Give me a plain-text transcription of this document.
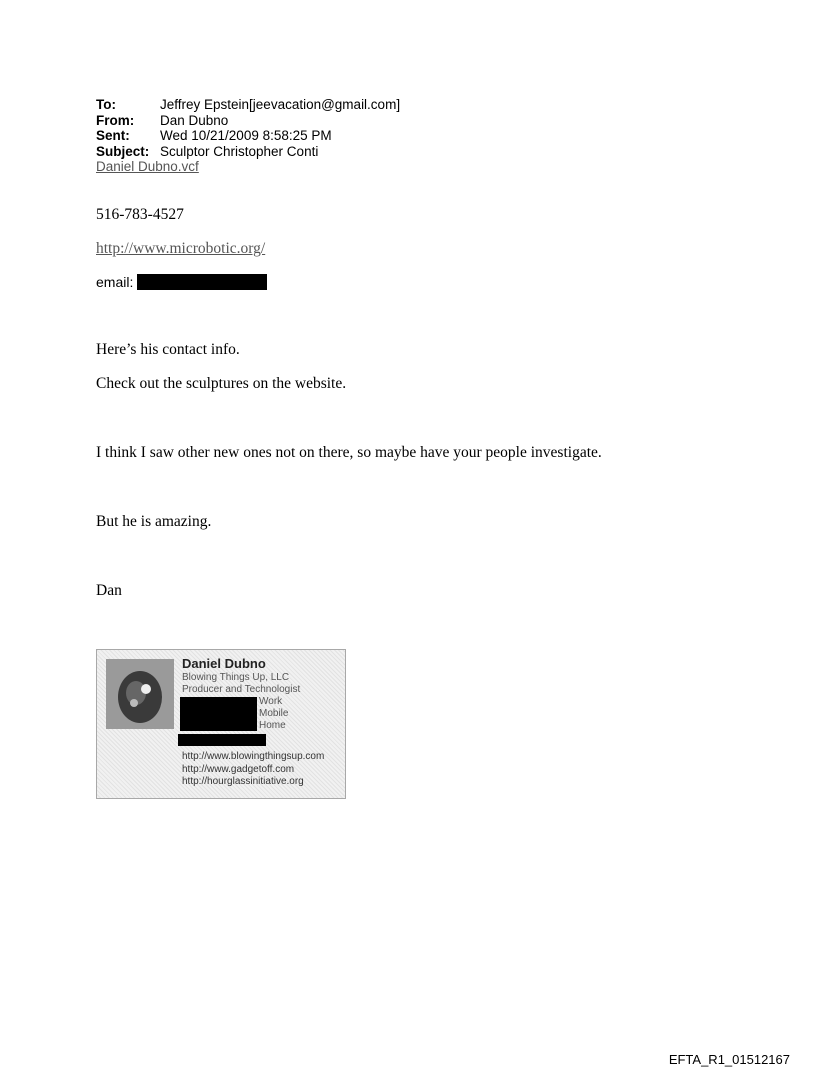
To:	Jeffrey Epstein[jeevacation@gmail.com]
From:	Dan Dubno
Sent:	Wed 10/21/2009 8:58:25 PM
Subject: Sculptor Christopher Conti
Daniel Dubno.vcf
516-783-4527
http://www.microbotic.org/
email:
Here’s his contact info.
Check out the sculptures on the website.
I think I saw other new ones not on there, so maybe have your people investigate.
But he is amazing.
Dan
Daniel Dubno
Blowing Things Up, LLC
Producer and Technologist
Work
Mobile
Home
http://www.blowingthingsup.com
http://www.gadgetoff.com
http://hourglassinitiative.org
EFTA_R1_01512167
